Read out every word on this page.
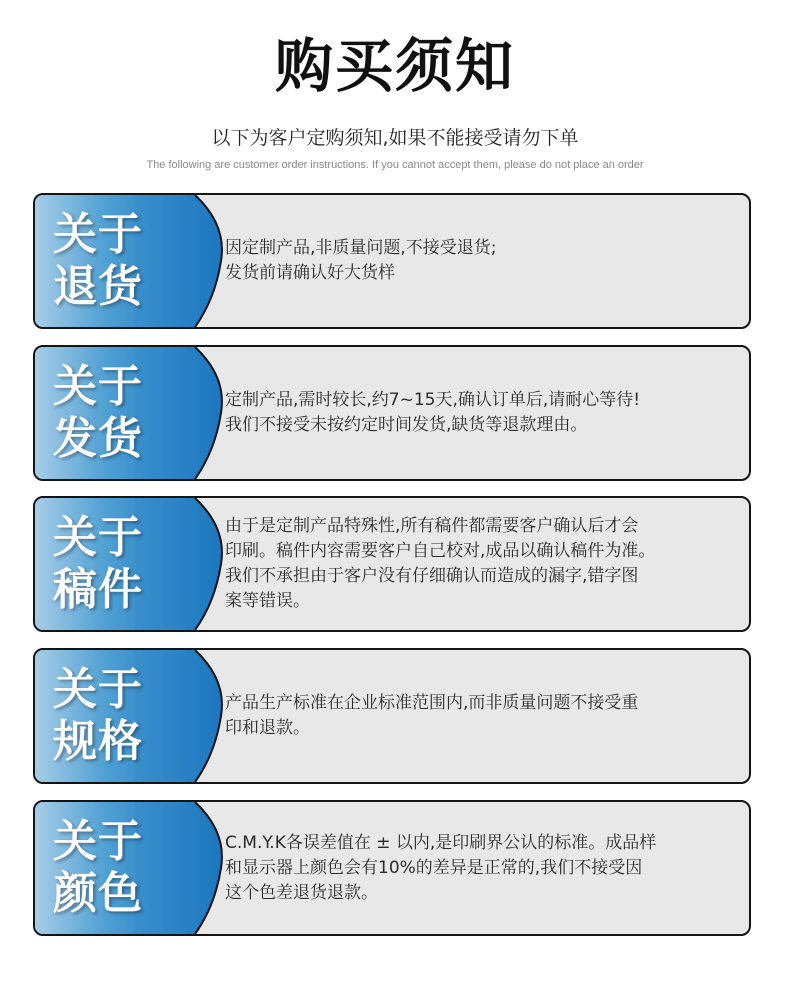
购买须知
以下为客户定购须知,如果不能接受请勿下单
The following are customer order instructions. If you cannot accept them, please do not place an order
关于
退货
因定制产品,非质量问题,不接受退货;
发货前请确认好大货样
关于
发货
定制产品,需时较长,约7~15天,确认订单后,请耐心等待!
我们不接受未按约定时间发货,缺货等退款理由。
关于
稿件
由于是定制产品特殊性,所有稿件都需要客户确认后才会
印刷。稿件内容需要客户自己校对,成品以确认稿件为准。
我们不承担由于客户没有仔细确认而造成的漏字,错字图
案等错误。
关于
规格
产品生产标准在企业标准范围内,而非质量问题不接受重
印和退款。
关于
颜色
C.M.Y.K各误差值在 ± 以内,是印刷界公认的标准。成品样
和显示器上颜色会有10%的差异是正常的,我们不接受因
这个色差退货退款。
